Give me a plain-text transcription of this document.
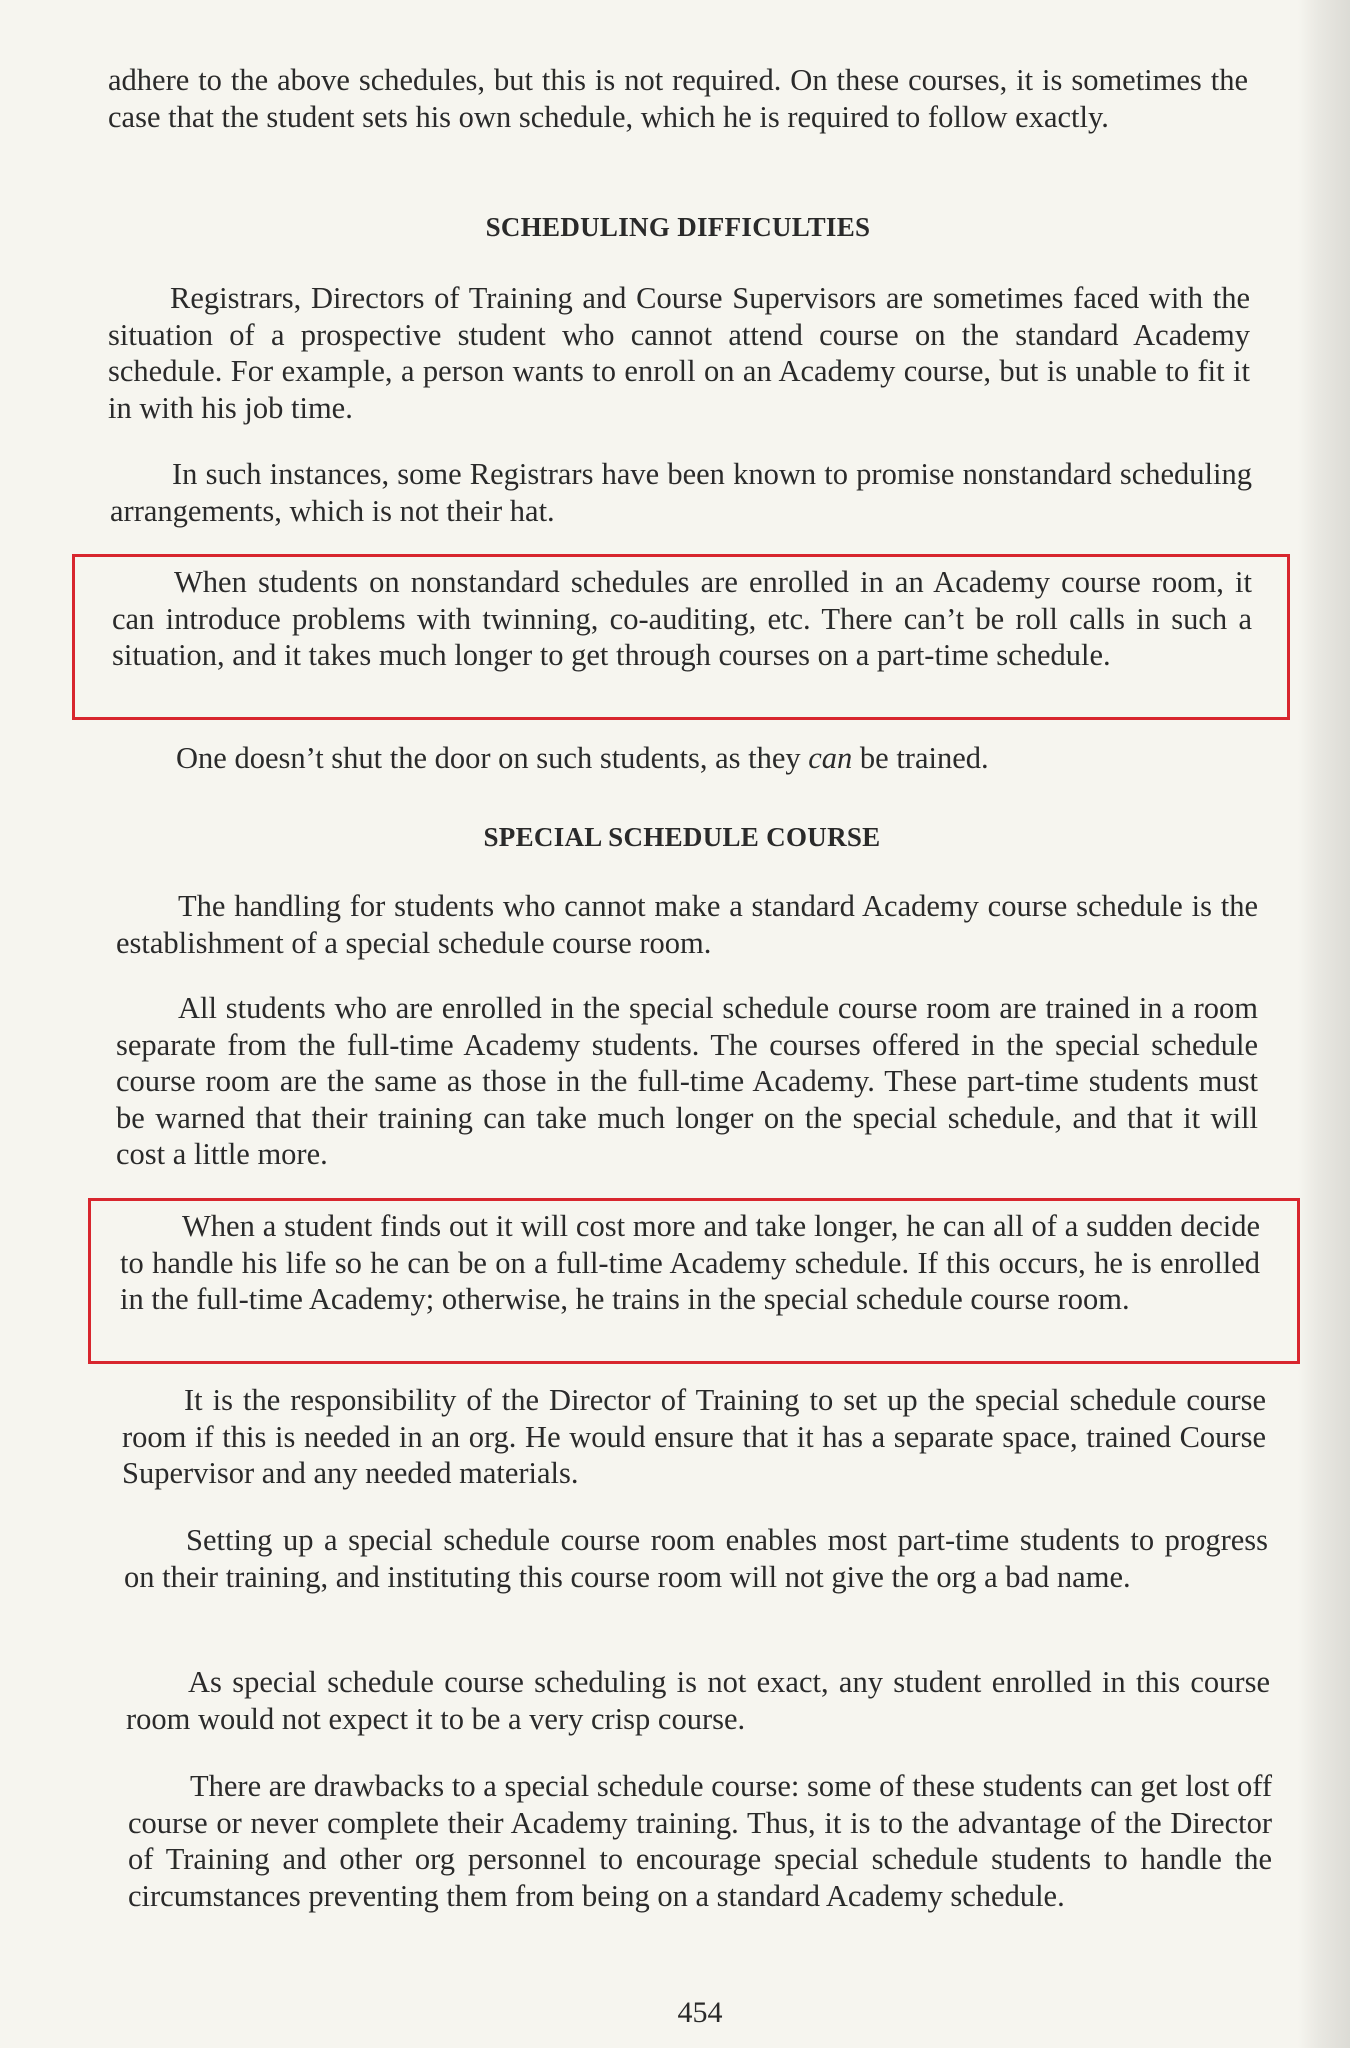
adhere to the above schedules, but this is not required. On these courses, it is sometimes the case that the student sets his own schedule, which he is required to follow exactly.

SCHEDULING DIFFICULTIES

Registrars, Directors of Training and Course Supervisors are sometimes faced with the situation of a prospective student who cannot attend course on the standard Academy schedule. For example, a person wants to enroll on an Academy course, but is unable to fit it in with his job time.

In such instances, some Registrars have been known to promise nonstandard scheduling arrangements, which is not their hat.

When students on nonstandard schedules are enrolled in an Academy course room, it can introduce problems with twinning, co-auditing, etc. There can’t be roll calls in such a situation, and it takes much longer to get through courses on a part-time schedule.

One doesn’t shut the door on such students, as they can be trained.

SPECIAL SCHEDULE COURSE

The handling for students who cannot make a standard Academy course schedule is the establishment of a special schedule course room.

All students who are enrolled in the special schedule course room are trained in a room separate from the full-time Academy students. The courses offered in the special schedule course room are the same as those in the full-time Academy. These part-time students must be warned that their training can take much longer on the special schedule, and that it will cost a little more.

When a student finds out it will cost more and take longer, he can all of a sudden decide to handle his life so he can be on a full-time Academy schedule. If this occurs, he is enrolled in the full-time Academy; otherwise, he trains in the special schedule course room.

It is the responsibility of the Director of Training to set up the special schedule course room if this is needed in an org. He would ensure that it has a separate space, trained Course Supervisor and any needed materials.

Setting up a special schedule course room enables most part-time students to progress on their training, and instituting this course room will not give the org a bad name.

As special schedule course scheduling is not exact, any student enrolled in this course room would not expect it to be a very crisp course.

There are drawbacks to a special schedule course: some of these students can get lost off course or never complete their Academy training. Thus, it is to the advantage of the Director of Training and other org personnel to encourage special schedule students to handle the circumstances preventing them from being on a standard Academy schedule.

454
